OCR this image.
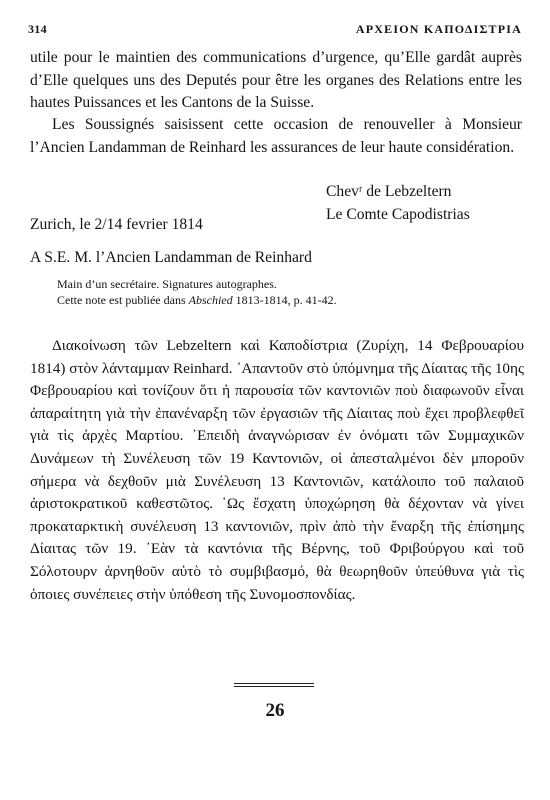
314	ΑΡΧΕΙΟΝ ΚΑΠΟΔΙΣΤΡΙΑ
utile pour le maintien des communications d’urgence, qu’Elle gardât auprès d’Elle quelques uns des Deputés pour être les organes des Relations entre les hautes Puissances et les Cantons de la Suisse.
Les Soussignés saisissent cette occasion de renouveller à Monsieur l’Ancien Landamman de Reinhard les assurances de leur haute considération.
Chevʳ de Lebzeltern
Le Comte Capodistrias
Zurich, le 2/14 fevrier 1814
A S.E. M. l’Ancien Landamman de Reinhard
Main d’un secrétaire. Signatures autographes.
Cette note est publiée dans Abschied 1813-1814, p. 41-42.
Διακοίνωση τῶν Lebzeltern καὶ Καποδίστρια (Ζυρίχη, 14 Φεβρουαρίου 1814) στὸν λάνταμμαν Reinhard. ᾿Απαντοῦν στὸ ὑπόμνημα τῆς Δίαιτας τῆς 10ης Φεβρουαρίου καὶ τονίζουν ὅτι ἡ παρουσία τῶν καντονιῶν ποὺ διαφωνοῦν εἶναι ἀπαραίτητη γιὰ τὴν ἐπανέναρξη τῶν ἐργασιῶν τῆς Δίαιτας ποὺ ἔχει προβλεφθεῖ γιὰ τὶς ἀρχὲς Μαρτίου. ᾿Επειδὴ ἀναγνώρισαν ἐν ὀνόματι τῶν Συμμαχικῶν Δυνάμεων τὴ Συνέλευση τῶν 19 Καντονιῶν, οἱ ἀπεσταλμένοι δὲν μποροῦν σήμερα νὰ δεχθοῦν μιὰ Συνέλευση 13 Καντονιῶν, κατάλοιπο τοῦ παλαιοῦ ἀριστοκρατικοῦ καθεστῶτος. ῾Ως ἔσχατη ὑποχώρηση θὰ δέχονταν νὰ γίνει προκαταρκτικὴ συνέλευση 13 καντονιῶν, πρὶν ἀπὸ τὴν ἔναρξη τῆς ἐπίσημης Δίαιτας τῶν 19. ᾿Εὰν τὰ καντόνια τῆς Βέρνης, τοῦ Φριβούργου καὶ τοῦ Σόλοτουρν ἀρνηθοῦν αὐτὸ τὸ συμβιβασμό, θὰ θεωρηθοῦν ὑπεύθυνα γιὰ τὶς ὁποιες συνέπειες στὴν ὑπόθεση τῆς Συνομοσπονδίας.
26
